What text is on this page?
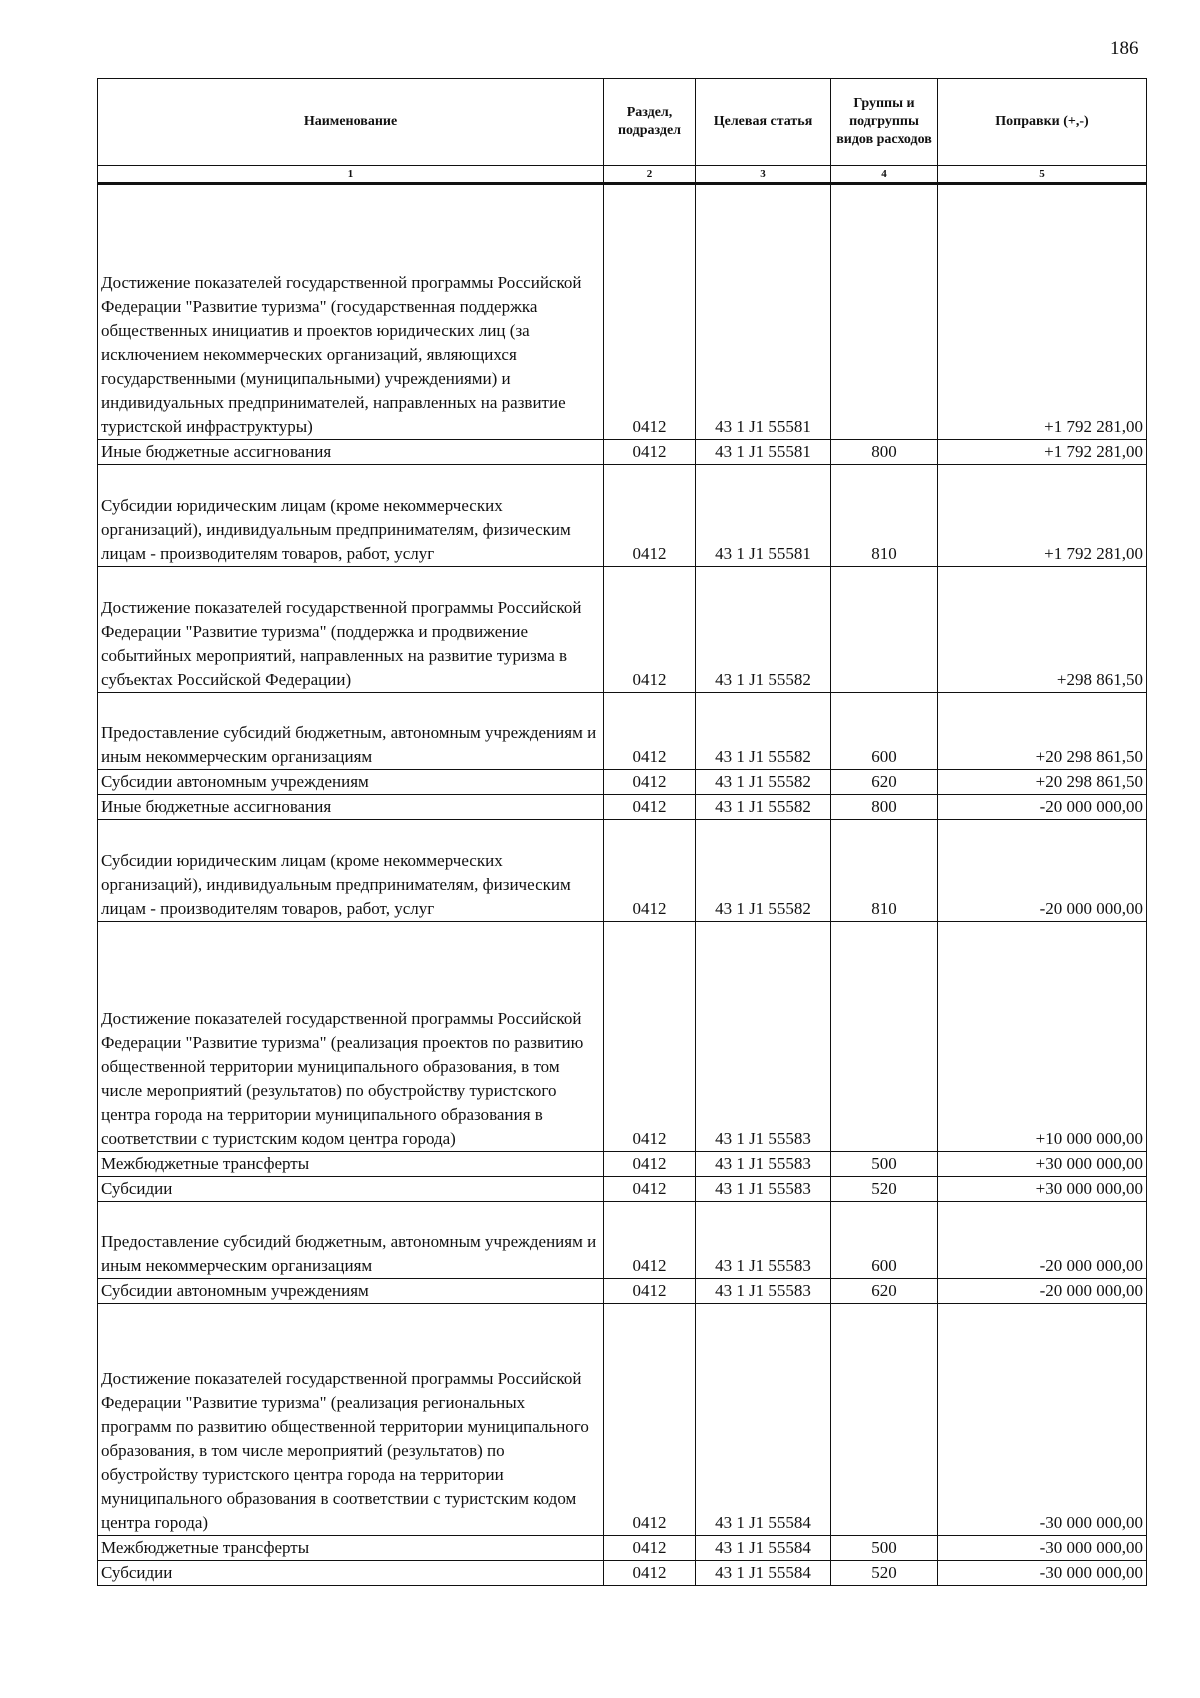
186
Наименование	Раздел, подраздел	Целевая статья	Группы и подгруппы видов расходов	Поправки (+,-)
1	2	3	4	5
Достижение показателей государственной программы Российской Федерации "Развитие туризма" (государственная поддержка общественных инициатив и проектов юридических лиц (за исключением некоммерческих организаций, являющихся государственными (муниципальными) учреждениями) и индивидуальных предпринимателей, направленных на развитие туристской инфраструктуры)	0412	43 1 J1 55581		+1 792 281,00
Иные бюджетные ассигнования	0412	43 1 J1 55581	800	+1 792 281,00
Субсидии юридическим лицам (кроме некоммерческих организаций), индивидуальным предпринимателям, физическим лицам - производителям товаров, работ, услуг	0412	43 1 J1 55581	810	+1 792 281,00
Достижение показателей государственной программы Российской Федерации "Развитие туризма" (поддержка и продвижение событийных мероприятий, направленных на развитие туризма в субъектах Российской Федерации)	0412	43 1 J1 55582		+298 861,50
Предоставление субсидий бюджетным, автономным учреждениям и иным некоммерческим организациям	0412	43 1 J1 55582	600	+20 298 861,50
Субсидии автономным учреждениям	0412	43 1 J1 55582	620	+20 298 861,50
Иные бюджетные ассигнования	0412	43 1 J1 55582	800	-20 000 000,00
Субсидии юридическим лицам (кроме некоммерческих организаций), индивидуальным предпринимателям, физическим лицам - производителям товаров, работ, услуг	0412	43 1 J1 55582	810	-20 000 000,00
Достижение показателей государственной программы Российской Федерации "Развитие туризма" (реализация проектов по развитию общественной территории муниципального образования, в том числе мероприятий (результатов) по обустройству туристского центра города на территории муниципального образования в соответствии с туристским кодом центра города)	0412	43 1 J1 55583		+10 000 000,00
Межбюджетные трансферты	0412	43 1 J1 55583	500	+30 000 000,00
Субсидии	0412	43 1 J1 55583	520	+30 000 000,00
Предоставление субсидий бюджетным, автономным учреждениям и иным некоммерческим организациям	0412	43 1 J1 55583	600	-20 000 000,00
Субсидии автономным учреждениям	0412	43 1 J1 55583	620	-20 000 000,00
Достижение показателей государственной программы Российской Федерации "Развитие туризма" (реализация региональных программ по развитию общественной территории муниципального образования, в том числе мероприятий (результатов) по обустройству туристского центра города на территории муниципального образования в соответствии с туристским кодом центра города)	0412	43 1 J1 55584		-30 000 000,00
Межбюджетные трансферты	0412	43 1 J1 55584	500	-30 000 000,00
Субсидии	0412	43 1 J1 55584	520	-30 000 000,00
